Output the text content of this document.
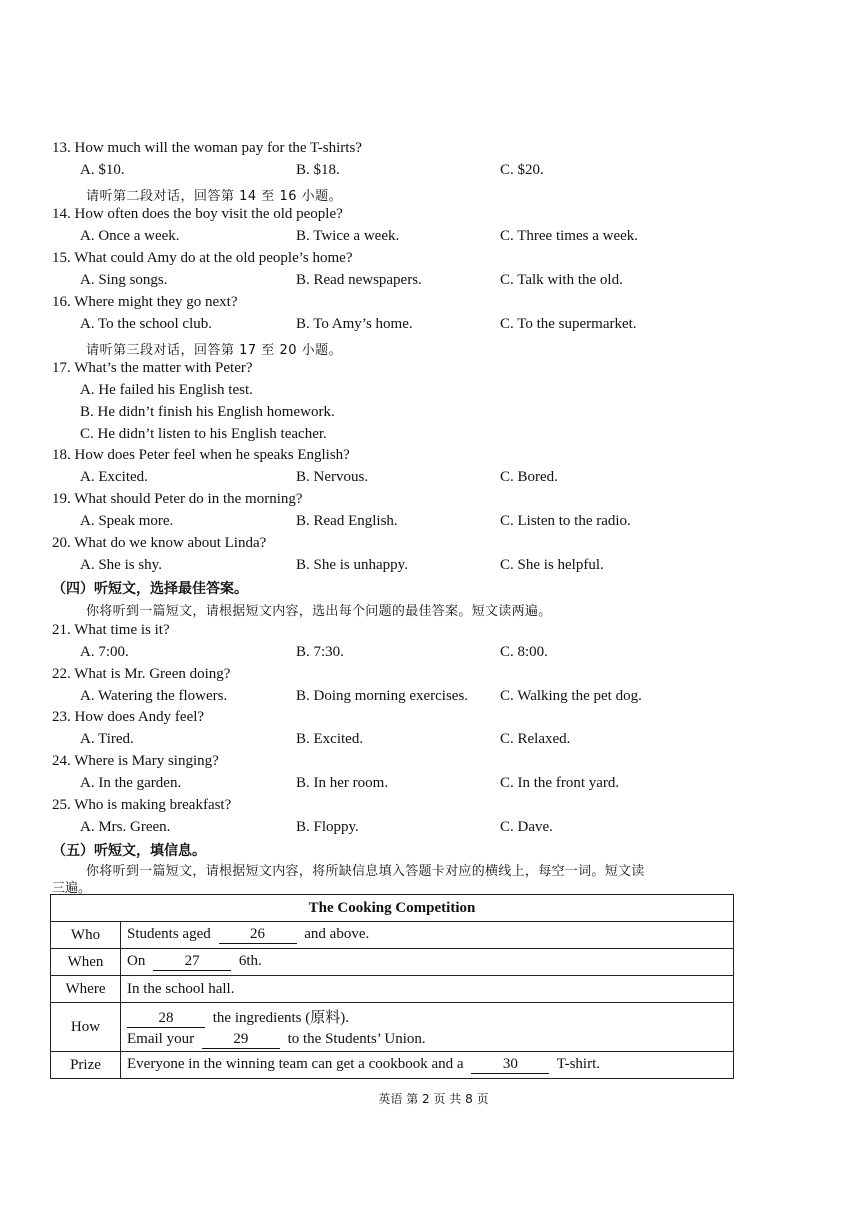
13. How much will the woman pay for the T-shirts?
A. $10.	B. $18.	C. $20.
请听第二段对话，回答第 14 至 16 小题。
14. How often does the boy visit the old people?
A. Once a week.	B. Twice a week.	C. Three times a week.
15. What could Amy do at the old people’s home?
A. Sing songs.	B. Read newspapers.	C. Talk with the old.
16. Where might they go next?
A. To the school club.	B. To Amy’s home.	C. To the supermarket.
请听第三段对话，回答第 17 至 20 小题。
17. What’s the matter with Peter?
A. He failed his English test.
B. He didn’t finish his English homework.
C. He didn’t listen to his English teacher.
18. How does Peter feel when he speaks English?
A. Excited.	B. Nervous.	C. Bored.
19. What should Peter do in the morning?
A. Speak more.	B. Read English.	C. Listen to the radio.
20. What do we know about Linda?
A. She is shy.	B. She is unhappy.	C. She is helpful.
（四）听短文，选择最佳答案。
你将听到一篇短文，请根据短文内容，选出每个问题的最佳答案。短文读两遍。
21. What time is it?
A. 7:00.	B. 7:30.	C. 8:00.
22. What is Mr. Green doing?
A. Watering the flowers.	B. Doing morning exercises. C. Walking the pet dog.
23. How does Andy feel?
A. Tired.	B. Excited.	C. Relaxed.
24. Where is Mary singing?
A. In the garden.	B. In her room.	C. In the front yard.
25. Who is making breakfast?
A. Mrs. Green.	B. Floppy.	C. Dave.
（五）听短文，填信息。
你将听到一篇短文，请根据短文内容，将所缺信息填入答题卡对应的横线上，每空一词。短文读
三遍。
The Cooking Competition	
Who	Students aged 26 and above.
When	On 27 6th.
Where	In the school hall.
How	28 the ingredients (原料).
Email your 29 to the Students’ Union.

Prize	Everyone in the winning team can get a cookbook and a 30 T-shirt.
英语 第 2 页 共 8 页
